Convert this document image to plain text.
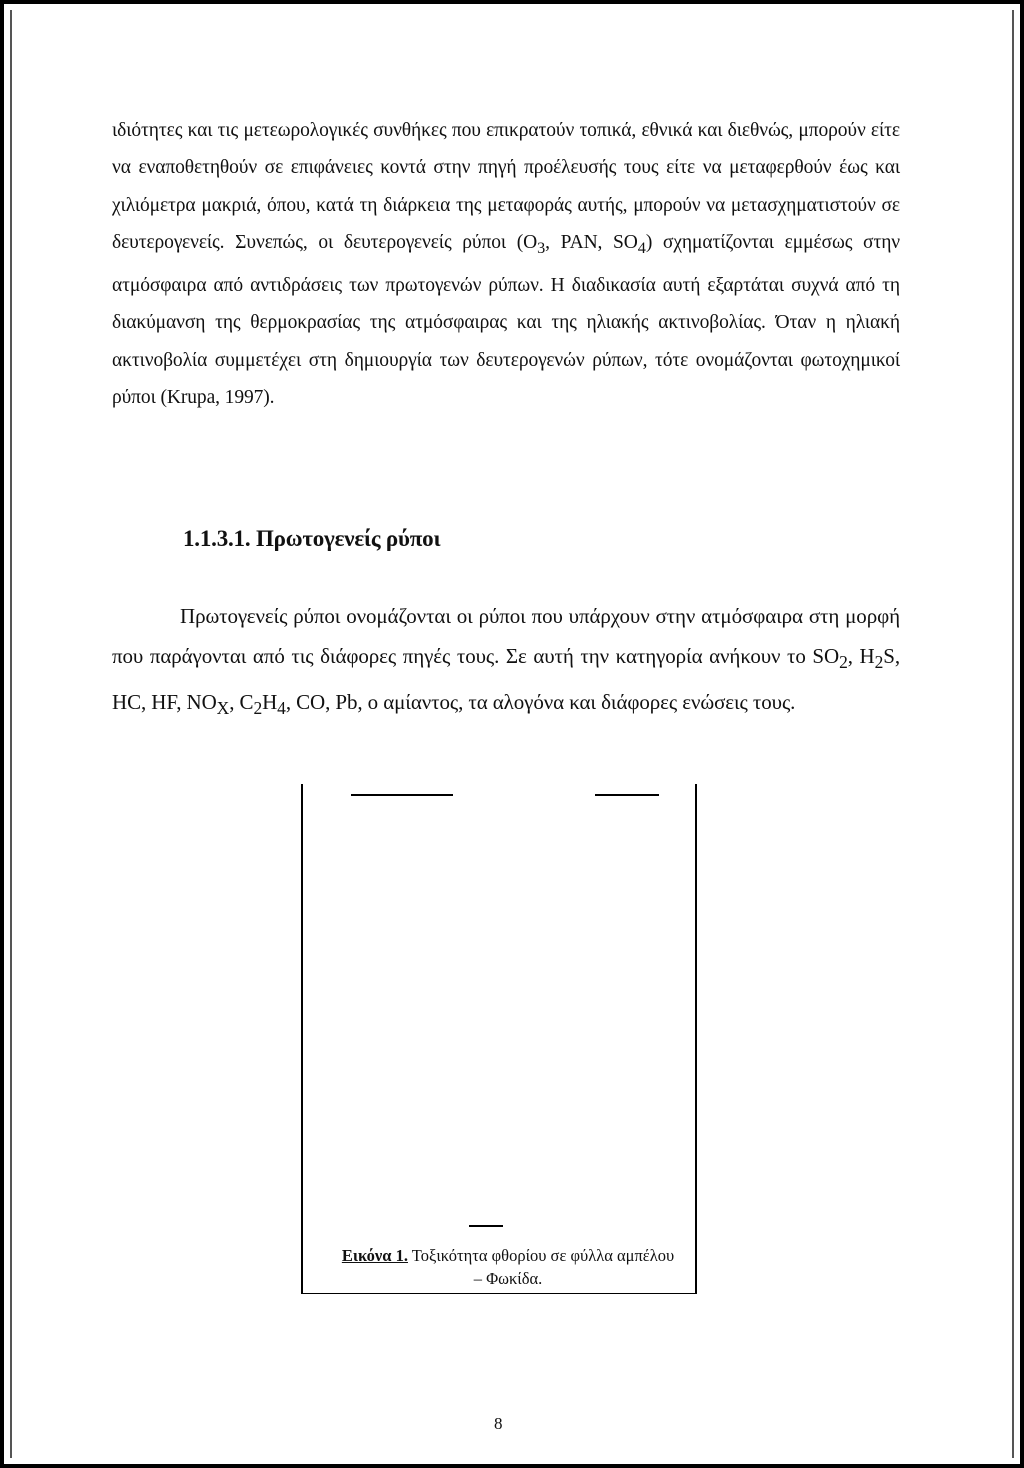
ιδιότητες και τις μετεωρολογικές συνθήκες που επικρατούν τοπικά, εθνικά και διεθνώς, μπορούν είτε να εναποθετηθούν σε επιφάνειες κοντά στην πηγή προέλευσής τους είτε να μεταφερθούν έως και χιλιόμετρα μακριά, όπου, κατά τη διάρκεια της μεταφοράς αυτής, μπορούν να μετασχηματιστούν σε δευτερογενείς. Συνεπώς, οι δευτερογενείς ρύποι ($O_3$, PAN, $SO_4$) σχηματίζονται εμμέσως στην ατμόσφαιρα από αντιδράσεις των πρωτογενών ρύπων. Η διαδικασία αυτή εξαρτάται συχνά από τη διακύμανση της θερμοκρασίας της ατμόσφαιρας και της ηλιακής ακτινοβολίας. Όταν η ηλιακή ακτινοβολία συμμετέχει στη δημιουργία των δευτερογενών ρύπων, τότε ονομάζονται φωτοχημικοί ρύποι (Krupa, 1997).
1.1.3.1. Πρωτογενείς ρύποι
Πρωτογενείς ρύποι ονομάζονται οι ρύποι που υπάρχουν στην ατμόσφαιρα στη μορφή που παράγονται από τις διάφορες πηγές τους. Σε αυτή την κατηγορία ανήκουν το $SO_2$, $H_2S$, HC, HF, $NO_X$, $C_2H_4$, CO, Pb, ο αμίαντος, τα αλογόνα και διάφορες ενώσεις τους.
Εικόνα 1. Τοξικότητα φθορίου σε φύλλα αμπέλου – Φωκίδα.
8
